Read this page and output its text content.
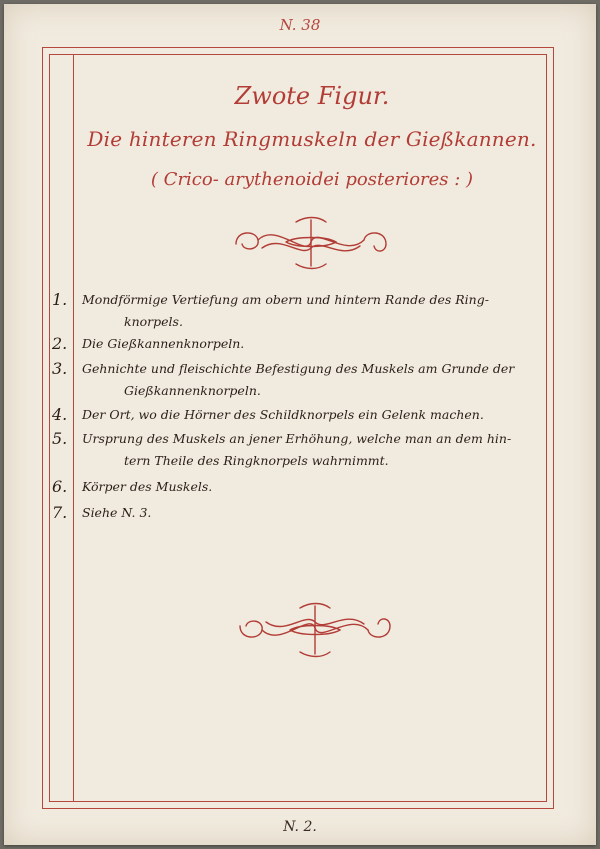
N. 38
Zwote Figur.
Die hinteren Ringmuskeln der Gießkannen.
( Crico- arythenoidei posteriores : )
1.	Mondförmige Vertiefung am obern und hintern Rande des Ring-
knorpels.
2.	Die Gießkannenknorpeln.
3.	Gehnichte und fleischichte Befestigung des Muskels am Grunde der
Gießkannenknorpeln.
4.	Der Ort, wo die Hörner des Schildknorpels ein Gelenk machen.
5.	Ursprung des Muskels an jener Erhöhung, welche man an dem hin-
tern Theile des Ringknorpels wahrnimmt.
6.	Körper des Muskels.
7.	Siehe N. 3.
N. 2.
